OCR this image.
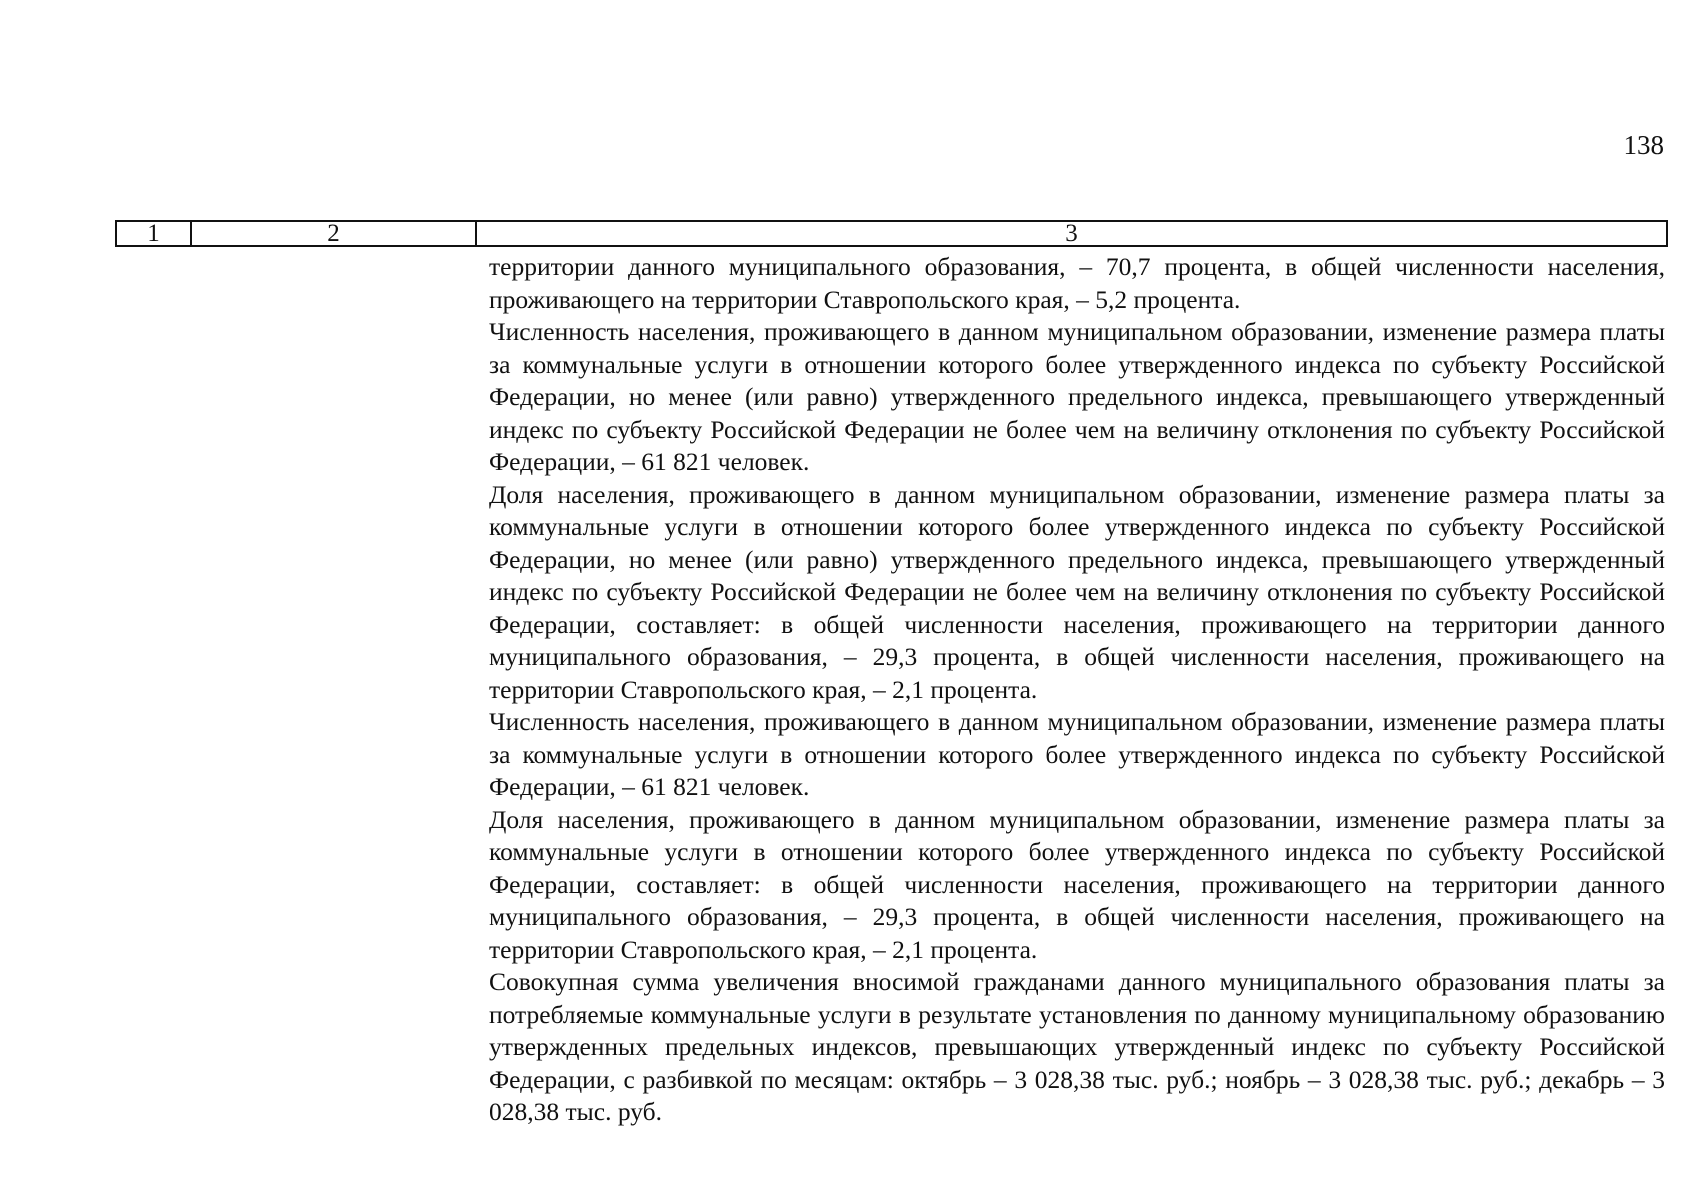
138
1	2	3

территории данного муниципального образования, – 70,7 процента, в общей численности населения, проживающего на территории Ставропольского края, – 5,2 процента.

Численность населения, проживающего в данном муниципальном образовании, изменение размера платы за коммунальные услуги в отношении которого более утвержденного индекса по субъекту Российской Федерации, но менее (или равно) утвержденного предельного индекса, превышающего утвержденный индекс по субъекту Российской Федерации не более чем на величину отклонения по субъекту Российской Федерации, – 61 821 человек.

Доля населения, проживающего в данном муниципальном образовании, изменение размера платы за коммунальные услуги в отношении которого более утвержденного индекса по субъекту Российской Федерации, но менее (или равно) утвержденного предельного индекса, превышающего утвержденный индекс по субъекту Российской Федерации не более чем на величину отклонения по субъекту Российской Федерации, составляет: в общей численности населения, проживающего на территории данного муниципального образования, – 29,3 процента, в общей численности населения, проживающего на территории Ставропольского края, – 2,1 процента.

Численность населения, проживающего в данном муниципальном образовании, изменение размера платы за коммунальные услуги в отношении которого более утвержденного индекса по субъекту Российской Федерации, – 61 821 человек.

Доля населения, проживающего в данном муниципальном образовании, изменение размера платы за коммунальные услуги в отношении которого более утвержденного индекса по субъекту Российской Федерации, составляет: в общей численности населения, проживающего на территории данного муниципального образования, – 29,3 процента, в общей численности населения, проживающего на территории Ставропольского края, – 2,1 процента.

Совокупная сумма увеличения вносимой гражданами данного муниципального образования платы за потребляемые коммунальные услуги в результате установления по данному муниципальному образованию утвержденных предельных индексов, превышающих утвержденный индекс по субъекту Российской Федерации, с разбивкой по месяцам: октябрь – 3 028,38 тыс. руб.; ноябрь – 3 028,38 тыс. руб.; декабрь – 3 028,38 тыс. руб.
